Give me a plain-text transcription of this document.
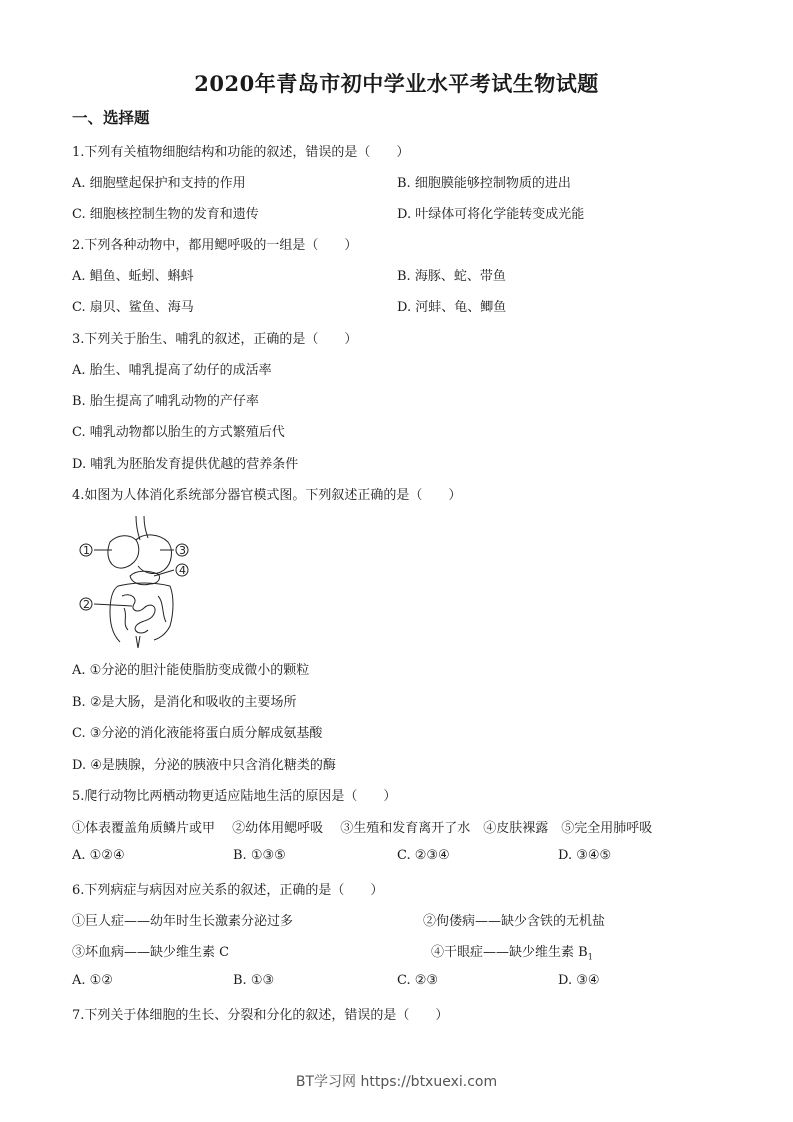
2020年青岛市初中学业水平考试生物试题
一、选择题
1.下列有关植物细胞结构和功能的叙述，错误的是（　　）
A. 细胞壁起保护和支持的作用	B. 细胞膜能够控制物质的进出
C. 细胞核控制生物的发育和遗传	D. 叶绿体可将化学能转变成光能
2.下列各种动物中，都用鳃呼吸的一组是（　　）
A. 鲳鱼、蚯蚓、蝌蚪	B. 海豚、蛇、带鱼
C. 扇贝、鲨鱼、海马	D. 河蚌、龟、鲫鱼
3.下列关于胎生、哺乳的叙述，正确的是（　　）
A. 胎生、哺乳提高了幼仔的成活率
B. 胎生提高了哺乳动物的产仔率
C. 哺乳动物都以胎生的方式繁殖后代
D. 哺乳为胚胎发育提供优越的营养条件
4.如图为人体消化系统部分器官模式图。下列叙述正确的是（　　）
1	3
4
2
A. ①分泌的胆汁能使脂肪变成微小的颗粒
B. ②是大肠，是消化和吸收的主要场所
C. ③分泌的消化液能将蛋白质分解成氨基酸
D. ④是胰腺，分泌的胰液中只含消化糖类的酶
5.爬行动物比两栖动物更适应陆地生活的原因是（　　）
①体表覆盖角质鳞片或甲　 ②幼体用鳃呼吸　 ③生殖和发育离开了水　④皮肤裸露　⑤完全用肺呼吸
A. ①②④	B. ①③⑤	C. ②③④	D. ③④⑤
6.下列病症与病因对应关系的叙述，正确的是（　　）
①巨人症——幼年时生长激素分泌过多	②佝偻病——缺少含铁的无机盐
③坏血病——缺少维生素 C	④干眼症——缺少维生素 $B_1$
A. ①②	B. ①③	C. ②③	D. ③④
7.下列关于体细胞的生长、分裂和分化的叙述，错误的是（　　）
BT学习网 https://btxuexi.com
